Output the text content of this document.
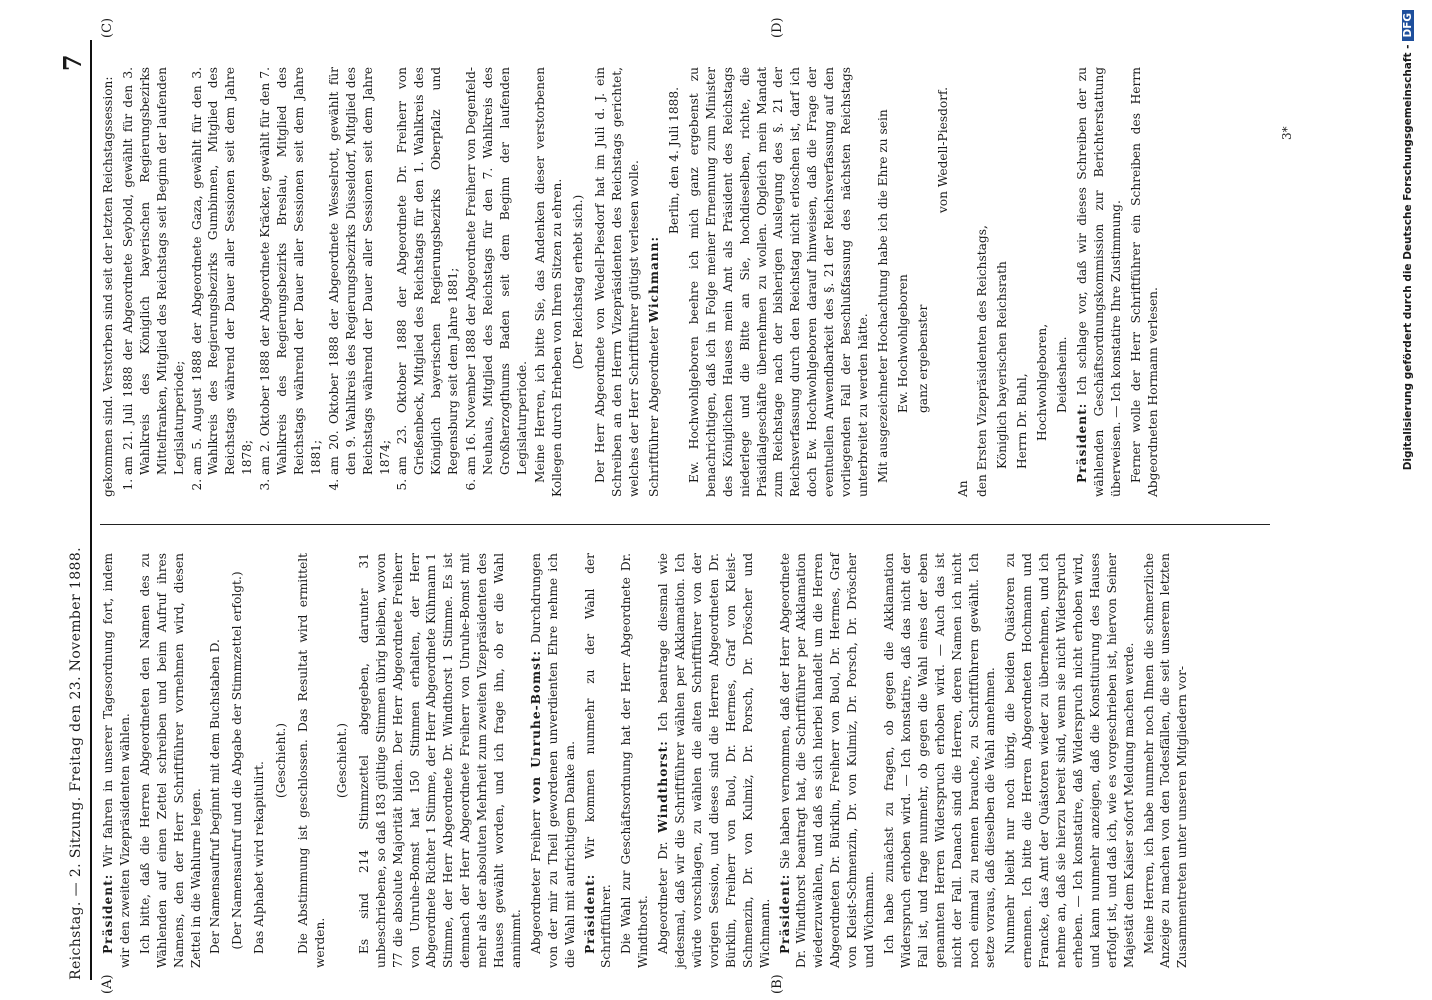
Reichstag. — 2. Sitzung. Freitag den 23. November 1888.
7
(A)	(B)
(C)	(D)

Präsident: Wir fahren in unserer Tagesordnung fort, indem wir den zweiten Vizepräsidenten wählen. Ich bitte, daß die Herren Abgeordneten den Namen des zu Wählenden auf einen Zettel schreiben und beim Aufruf ihres Namens, den der Herr Schriftführer vornehmen wird, diesen Zettel in die Wahlurne legen. Der Namensaufruf beginnt mit dem Buchstaben D. (Der Namensaufruf und die Abgabe der Stimmzettel erfolgt.) Das Alphabet wird rekapitulirt.

(Geschieht.) Die Abstimmung ist geschlossen. Das Resultat wird ermittelt werden.

(Geschieht.) Es sind 214 Stimmzettel abgegeben, darunter 31 unbeschriebene, so daß 183 gültige Stimmen übrig bleiben, wovon 77 die absolute Majorität bilden. Der Herr Abgeordnete Freiherr von Unruhe-Bomst hat 150 Stimmen erhalten, der Herr Abgeordnete Richter 1 Stimme, der Herr Abgeordnete Kühmann 1 Stimme, der Herr Abgeordnete Dr. Windthorst 1 Stimme. Es ist demnach der Herr Abgeordnete Freiherr von Unruhe-Bomst mit mehr als der absoluten Mehrheit zum zweiten Vizepräsidenten des Hauses gewählt worden, und ich frage ihn, ob er die Wahl annimmt. Abgeordneter Freiherr von Unruhe-Bomst: Durchdrungen von der mir zu Theil gewordenen unverdienten Ehre nehme ich die Wahl mit aufrichtigem Danke an. Präsident: Wir kommen nunmehr zu der Wahl der Schriftführer. Die Wahl zur Geschäftsordnung hat der Herr Abgeordnete Dr. Windthorst. Abgeordneter Dr. Windthorst: Ich beantrage diesmal wie jedesmal, daß wir die Schriftführer wählen per Akklamation. Ich würde vorschlagen, zu wählen die alten Schriftführer von der vorigen Session, und dieses sind die Herren Abgeordneten Dr. Bürklin, Freiherr von Buol, Dr. Hermes, Graf von Kleist-Schmenzin, Dr. von Kulmiz, Dr. Porsch, Dr. Dröscher und Wichmann. Präsident: Sie haben vernommen, daß der Herr Abgeordnete Dr. Windthorst beantragt hat, die Schriftführer per Akklamation wiederzuwählen, und daß es sich hierbei handelt um die Herren Abgeordneten Dr. Bürklin, Freiherr von Buol, Dr. Hermes, Graf von Kleist-Schmenzin, Dr. von Kulmiz, Dr. Porsch, Dr. Dröscher und Wichmann. Ich habe zunächst zu fragen, ob gegen die Akklamation Widerspruch erhoben wird. — Ich konstatire, daß das nicht der Fall ist, und frage nunmehr, ob gegen die Wahl eines der eben genannten Herren Widerspruch erhoben wird. — Auch das ist nicht der Fall. Danach sind die Herren, deren Namen ich nicht noch einmal zu nennen brauche, zu Schriftführern gewählt. Ich setze voraus, daß dieselben die Wahl annehmen. Nunmehr bleibt nur noch übrig, die beiden Quästoren zu ernennen. Ich bitte die Herren Abgeordneten Hochmann und Francke, das Amt der Quästoren wieder zu übernehmen, und ich nehme an, daß sie hierzu bereit sind, wenn sie nicht Widerspruch erheben. — Ich konstatire, daß Widerspruch nicht erhoben wird, und kann nunmehr anzeigen, daß die Konstituirung des Hauses erfolgt ist, und daß ich, wie es vorgeschrieben ist, hiervon Seiner Majestät dem Kaiser sofort Meldung machen werde. Meine Herren, ich habe nunmehr noch Ihnen die schmerzliche Anzeige zu machen von den Todesfällen, die seit unserem letzten Zusammentreten unter unseren Mitgliedern vor-

gekommen sind. Verstorben sind seit der letzten Reichstagssession: 1. am 21. Juli 1888 der Abgeordnete Seybold, gewählt für den 3. Wahlkreis des Königlich bayerischen Regierungsbezirks Mittelfranken, Mitglied des Reichstags seit Beginn der laufenden Legislaturperiode; 2. am 5. August 1888 der Abgeordnete Gaza, gewählt für den 3. Wahlkreis des Regierungsbezirks Gumbinnen, Mitglied des Reichstags während der Dauer aller Sessionen seit dem Jahre 1878; 3. am 2. Oktober 1888 der Abgeordnete Kräcker, gewählt für den 7. Wahlkreis des Regierungsbezirks Breslau, Mitglied des Reichstags während der Dauer aller Sessionen seit dem Jahre 1881; 4. am 20. Oktober 1888 der Abgeordnete Wesselrott, gewählt für den 9. Wahlkreis des Regierungsbezirks Düsseldorf, Mitglied des Reichstags während der Dauer aller Sessionen seit dem Jahre 1874; 5. am 23. Oktober 1888 der Abgeordnete Dr. Freiherr von Grießenbeck, Mitglied des Reichstags für den 1. Wahlkreis des Königlich bayerischen Regierungsbezirks Oberpfalz und Regensburg seit dem Jahre 1881; 6. am 16. November 1888 der Abgeordnete Freiherr von Degenfeld-Neuhaus, Mitglied des Reichstags für den 7. Wahlkreis des Großherzogthums Baden seit dem Beginn der laufenden Legislaturperiode. Meine Herren, ich bitte Sie, das Andenken dieser verstorbenen Kollegen durch Erheben von Ihren Sitzen zu ehren. (Der Reichstag erhebt sich.) Der Herr Abgeordnete von Wedell-Piesdorf hat im Juli d. J. ein Schreiben an den Herrn Vizepräsidenten des Reichstags gerichtet, welches der Herr Schriftführer gütigst verlesen wolle. Schriftführer Abgeordneter Wichmann:

Berlin, den 4. Juli 1888. Ew. Hochwohlgeboren beehre ich mich ganz ergebenst zu benachrichtigen, daß ich in Folge meiner Ernennung zum Minister des Königlichen Hauses mein Amt als Präsident des Reichstags niederlege und die Bitte an Sie, hochdieselben, richte, die Präsidialgeschäfte übernehmen zu wollen. Obgleich mein Mandat zum Reichstage nach der bisherigen Auslegung des §. 21 der Reichsverfassung durch den Reichstag nicht erloschen ist, darf ich doch Ew. Hochwohlgeboren darauf hinweisen, daß die Frage der eventuellen Anwendbarkeit des §. 21 der Reichsverfassung auf den vorliegenden Fall der Beschlußfassung des nächsten Reichstags unterbreitet zu werden hätte. Mit ausgezeichneter Hochachtung habe ich die Ehre zu sein Ew. Hochwohlgeboren ganz ergebenster

von Wedell-Piesdorf.

An den Ersten Vizepräsidenten des Reichstags, Königlich bayerischen Reichsrath Herrn Dr. Buhl, Hochwohlgeboren, Deidesheim.

Präsident: Ich schlage vor, daß wir dieses Schreiben der zu wählenden Geschäftsordnungskommission zur Berichterstattung überweisen. — Ich konstatire Ihre Zustimmung. Ferner wolle der Herr Schriftführer ein Schreiben des Herrn Abgeordneten Hormann verlesen.

3*	Digitalisierung gefördert durch die Deutsche Forschungsgemeinschaft -DFG
